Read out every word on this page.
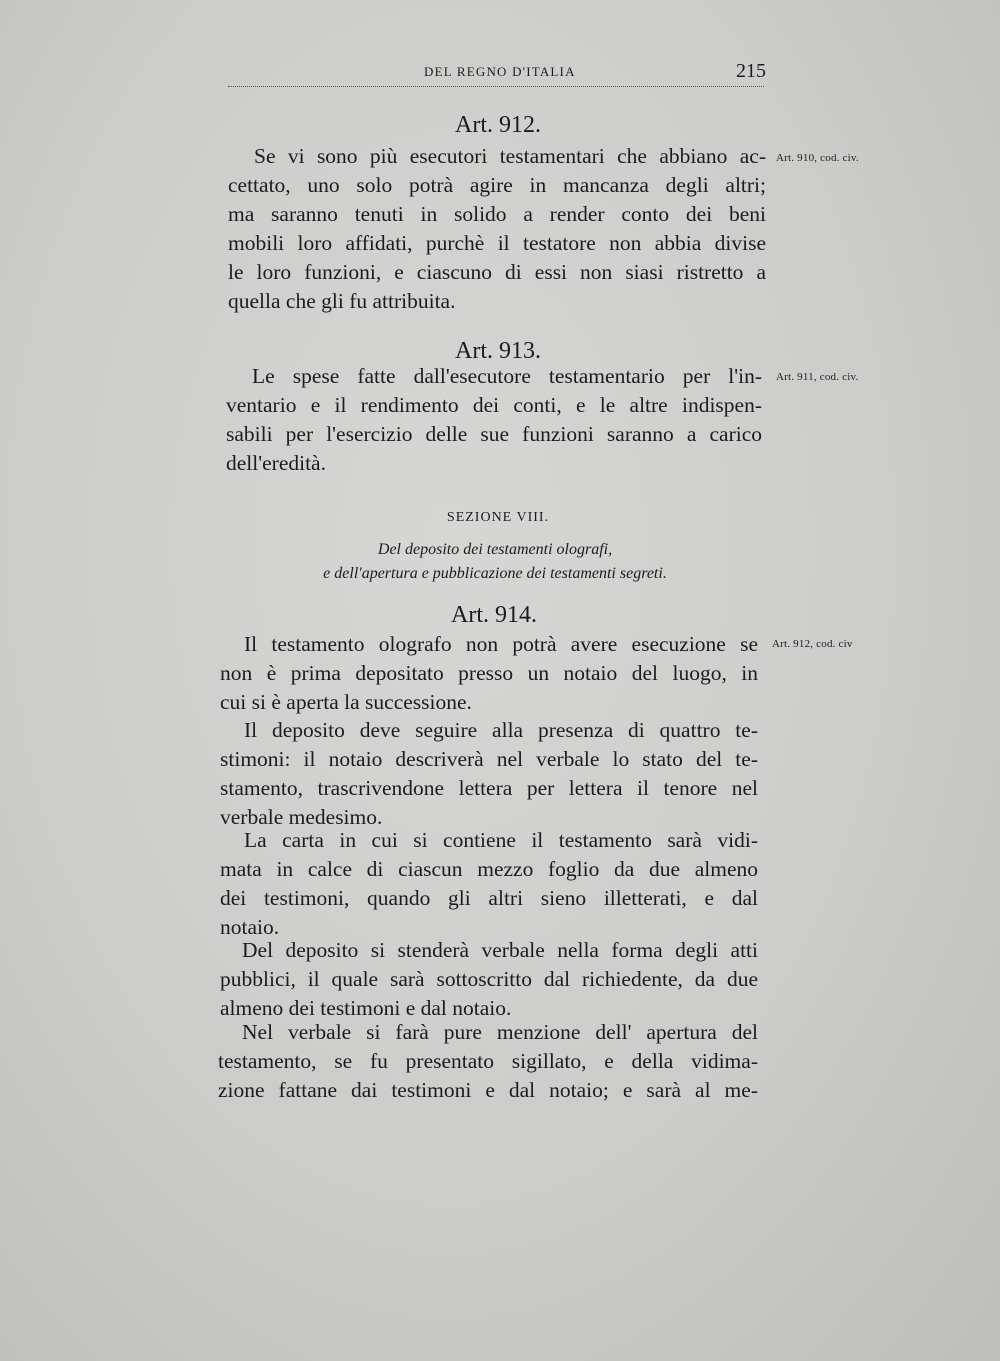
DEL REGNO D'ITALIA	215
Art. 912.
Art. 910, cod. civ.
Se vi sono più esecutori testamentari che abbiano ac-
cettato, uno solo potrà agire in mancanza degli altri;
ma saranno tenuti in solido a render conto dei beni
mobili loro affidati, purchè il testatore non abbia divise
le loro funzioni, e ciascuno di essi non siasi ristretto a
quella che gli fu attribuita.
Art. 913.
Art. 911, cod. civ.
Le spese fatte dall'esecutore testamentario per l'in-
ventario e il rendimento dei conti, e le altre indispen-
sabili per l'esercizio delle sue funzioni saranno a carico
dell'eredità.
SEZIONE VIII.
Del deposito dei testamenti olografi,
e dell'apertura e pubblicazione dei testamenti segreti.
Art. 914.
Art. 912, cod. civ
Il testamento olografo non potrà avere esecuzione se
non è prima depositato presso un notaio del luogo, in
cui si è aperta la successione.
Il deposito deve seguire alla presenza di quattro te-
stimoni: il notaio descriverà nel verbale lo stato del te-
stamento, trascrivendone lettera per lettera il tenore nel
verbale medesimo.
La carta in cui si contiene il testamento sarà vidi-
mata in calce di ciascun mezzo foglio da due almeno
dei testimoni, quando gli altri sieno illetterati, e dal
notaio.
Del deposito si stenderà verbale nella forma degli atti
pubblici, il quale sarà sottoscritto dal richiedente, da due
almeno dei testimoni e dal notaio.
Nel verbale si farà pure menzione dell' apertura del
testamento, se fu presentato sigillato, e della vidima-
zione fattane dai testimoni e dal notaio; e sarà al me-
